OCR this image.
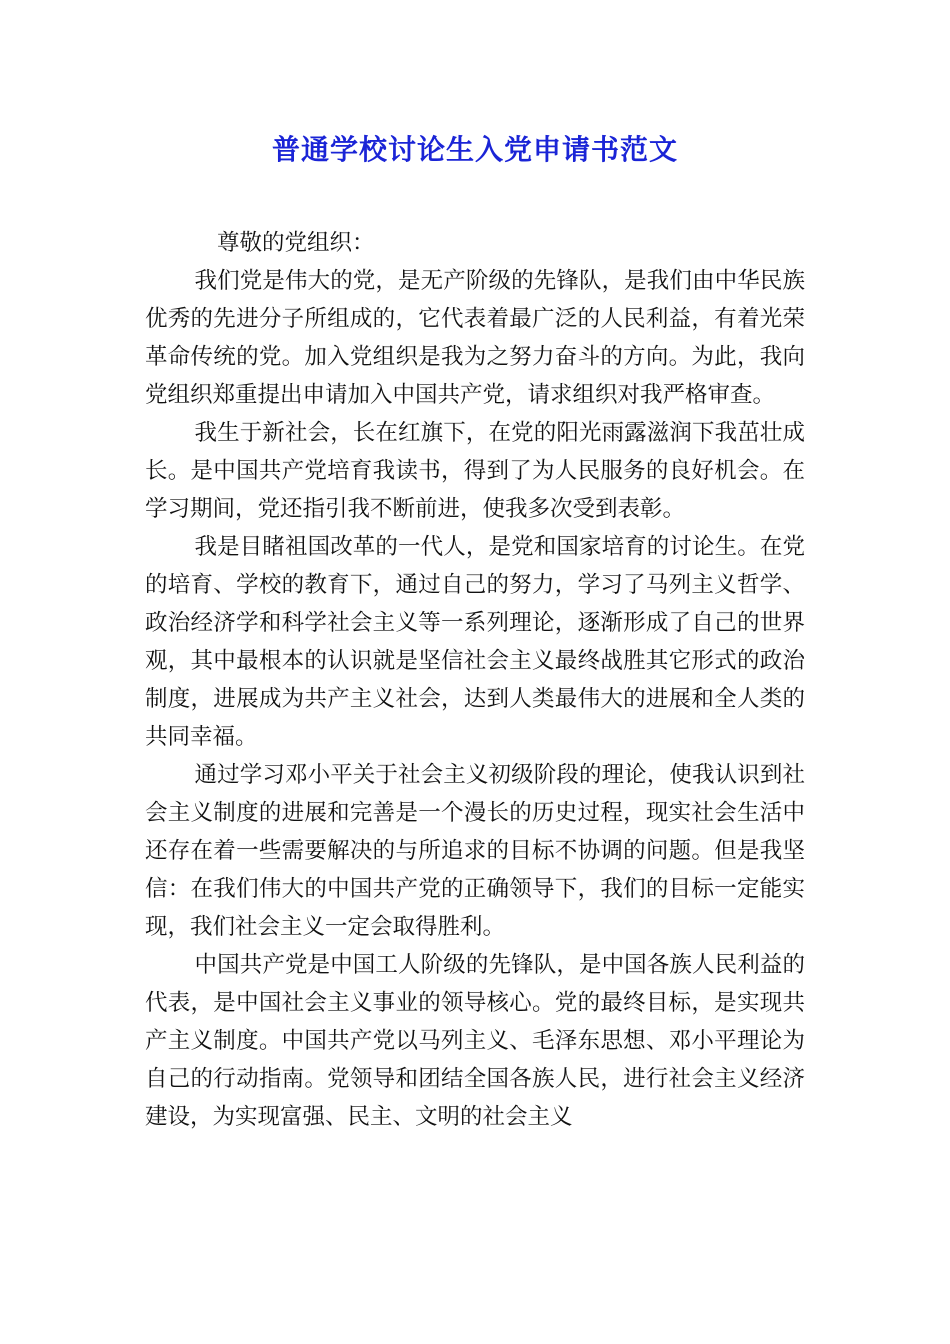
普通学校讨论生入党申请书范文

尊敬的党组织：

我们党是伟大的党，是无产阶级的先锋队，是我们由中华民族优秀的先进分子所组成的，它代表着最广泛的人民利益，有着光荣革命传统的党。加入党组织是我为之努力奋斗的方向。为此，我向党组织郑重提出申请加入中国共产党，请求组织对我严格审查。

我生于新社会，长在红旗下，在党的阳光雨露滋润下我茁壮成长。是中国共产党培育我读书，得到了为人民服务的良好机会。在学习期间，党还指引我不断前进，使我多次受到表彰。

我是目睹祖国改革的一代人，是党和国家培育的讨论生。在党的培育、学校的教育下，通过自己的努力，学习了马列主义哲学、政治经济学和科学社会主义等一系列理论，逐渐形成了自己的世界观，其中最根本的认识就是坚信社会主义最终战胜其它形式的政治制度，进展成为共产主义社会，达到人类最伟大的进展和全人类的共同幸福。

通过学习邓小平关于社会主义初级阶段的理论，使我认识到社会主义制度的进展和完善是一个漫长的历史过程，现实社会生活中还存在着一些需要解决的与所追求的目标不协调的问题。但是我坚信：在我们伟大的中国共产党的正确领导下，我们的目标一定能实现，我们社会主义一定会取得胜利。

中国共产党是中国工人阶级的先锋队，是中国各族人民利益的代表，是中国社会主义事业的领导核心。党的最终目标，是实现共产主义制度。中国共产党以马列主义、毛泽东思想、邓小平理论为自己的行动指南。党领导和团结全国各族人民，进行社会主义经济建设，为实现富强、民主、文明的社会主义
